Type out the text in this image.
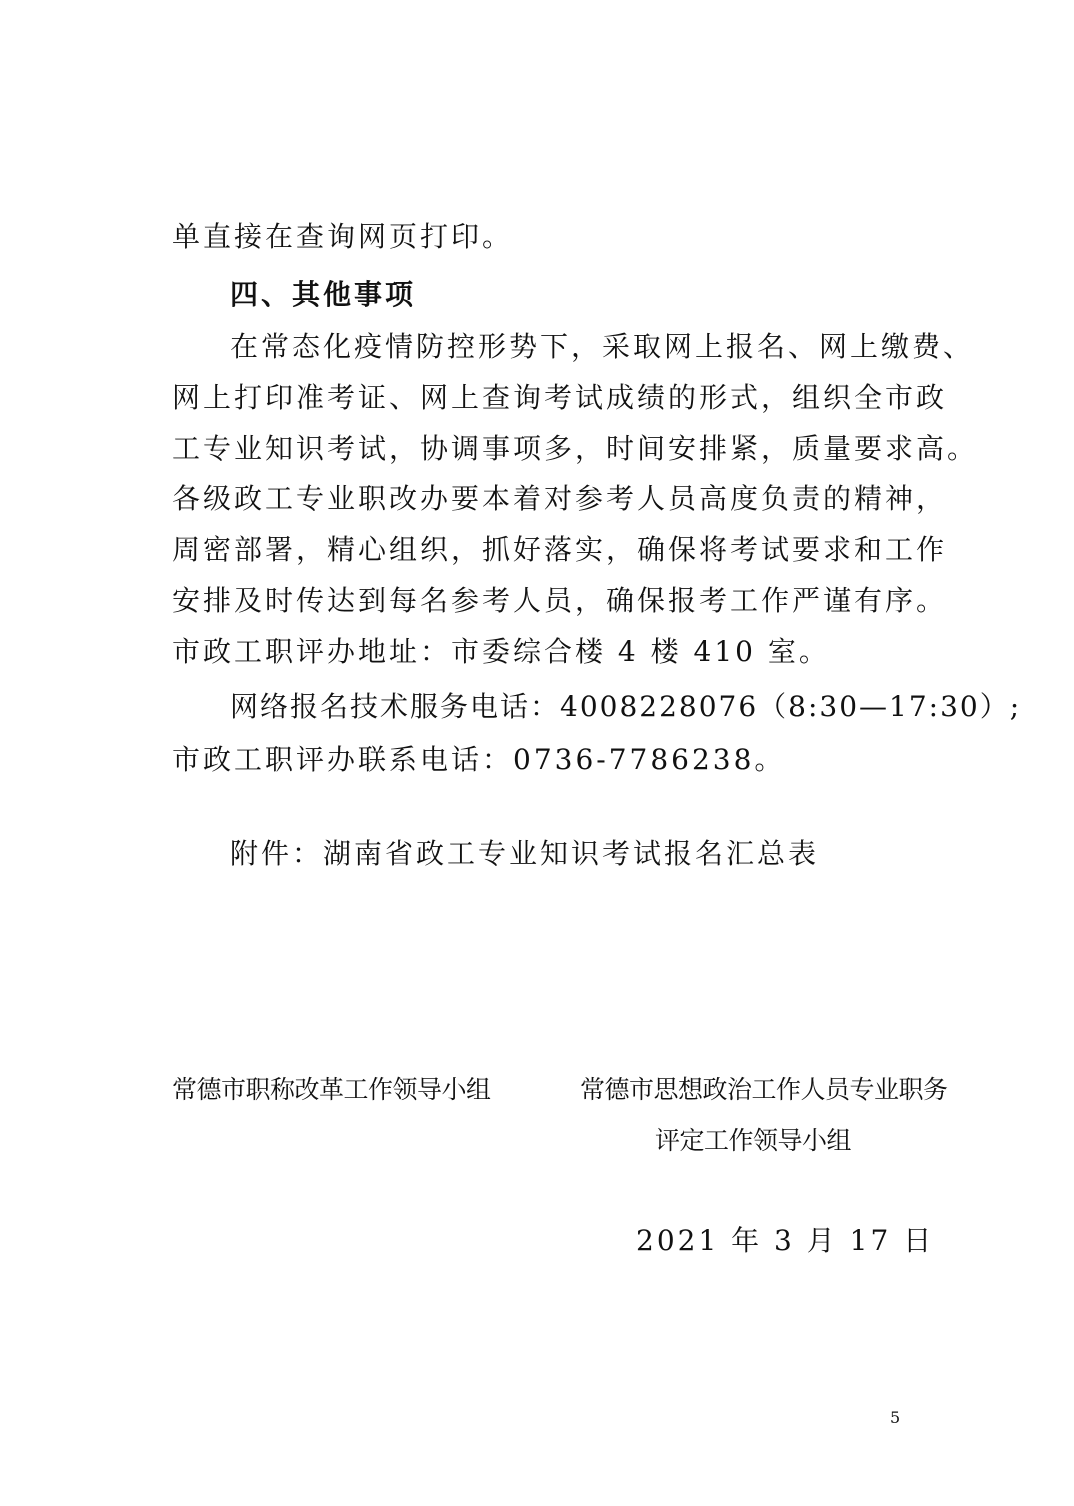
单直接在查询网页打印。
四、其他事项
在常态化疫情防控形势下，采取网上报名、网上缴费、
网上打印准考证、网上查询考试成绩的形式，组织全市政
工专业知识考试，协调事项多，时间安排紧，质量要求高。
各级政工专业职改办要本着对参考人员高度负责的精神，
周密部署，精心组织，抓好落实，确保将考试要求和工作
安排及时传达到每名参考人员，确保报考工作严谨有序。
市政工职评办地址：市委综合楼 4 楼 410 室。
网络报名技术服务电话：4008228076（8:30—17:30）;
市政工职评办联系电话：0736-7786238。
附件：湖南省政工专业知识考试报名汇总表
常德市职称改革工作领导小组	常德市思想政治工作人员专业职务
评定工作领导小组
2021 年 3 月 17 日
5
